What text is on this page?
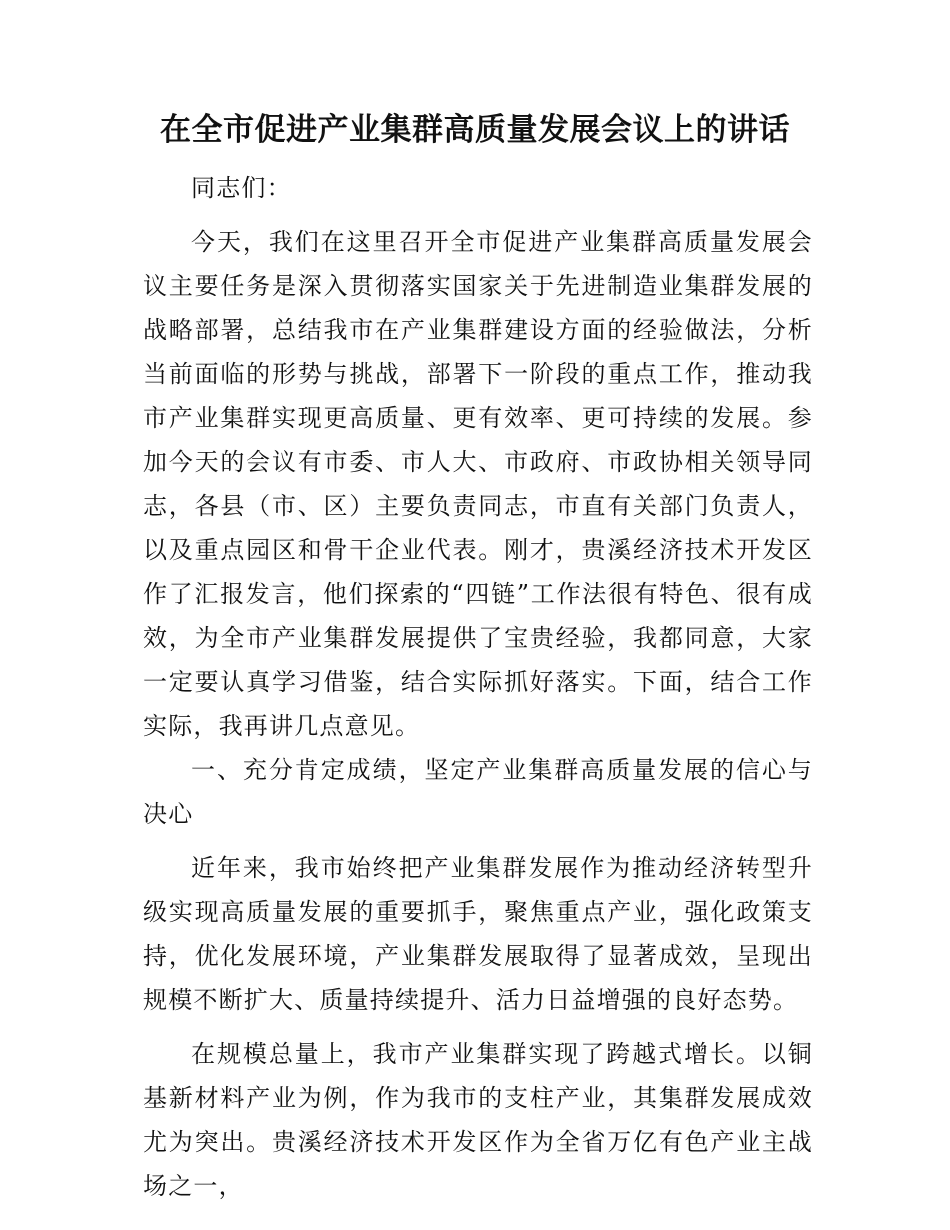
在全市促进产业集群高质量发展会议上的讲话

同志们：

今天，我们在这里召开全市促进产业集群高质量发展会议主要任务是深入贯彻落实国家关于先进制造业集群发展的战略部署，总结我市在产业集群建设方面的经验做法，分析当前面临的形势与挑战，部署下一阶段的重点工作，推动我市产业集群实现更高质量、更有效率、更可持续的发展。参加今天的会议有市委、市人大、市政府、市政协相关领导同志，各县（市、区）主要负责同志，市直有关部门负责人，以及重点园区和骨干企业代表。刚才，贵溪经济技术开发区作了汇报发言，他们探索的“四链”工作法很有特色、很有成效，为全市产业集群发展提供了宝贵经验，我都同意，大家一定要认真学习借鉴，结合实际抓好落实。下面，结合工作实际，我再讲几点意见。

一、充分肯定成绩，坚定产业集群高质量发展的信心与决心

近年来，我市始终把产业集群发展作为推动经济转型升级实现高质量发展的重要抓手，聚焦重点产业，强化政策支持，优化发展环境，产业集群发展取得了显著成效，呈现出规模不断扩大、质量持续提升、活力日益增强的良好态势。

在规模总量上，我市产业集群实现了跨越式增长。以铜基新材料产业为例，作为我市的支柱产业，其集群发展成效尤为突出。贵溪经济技术开发区作为全省万亿有色产业主战场之一，
